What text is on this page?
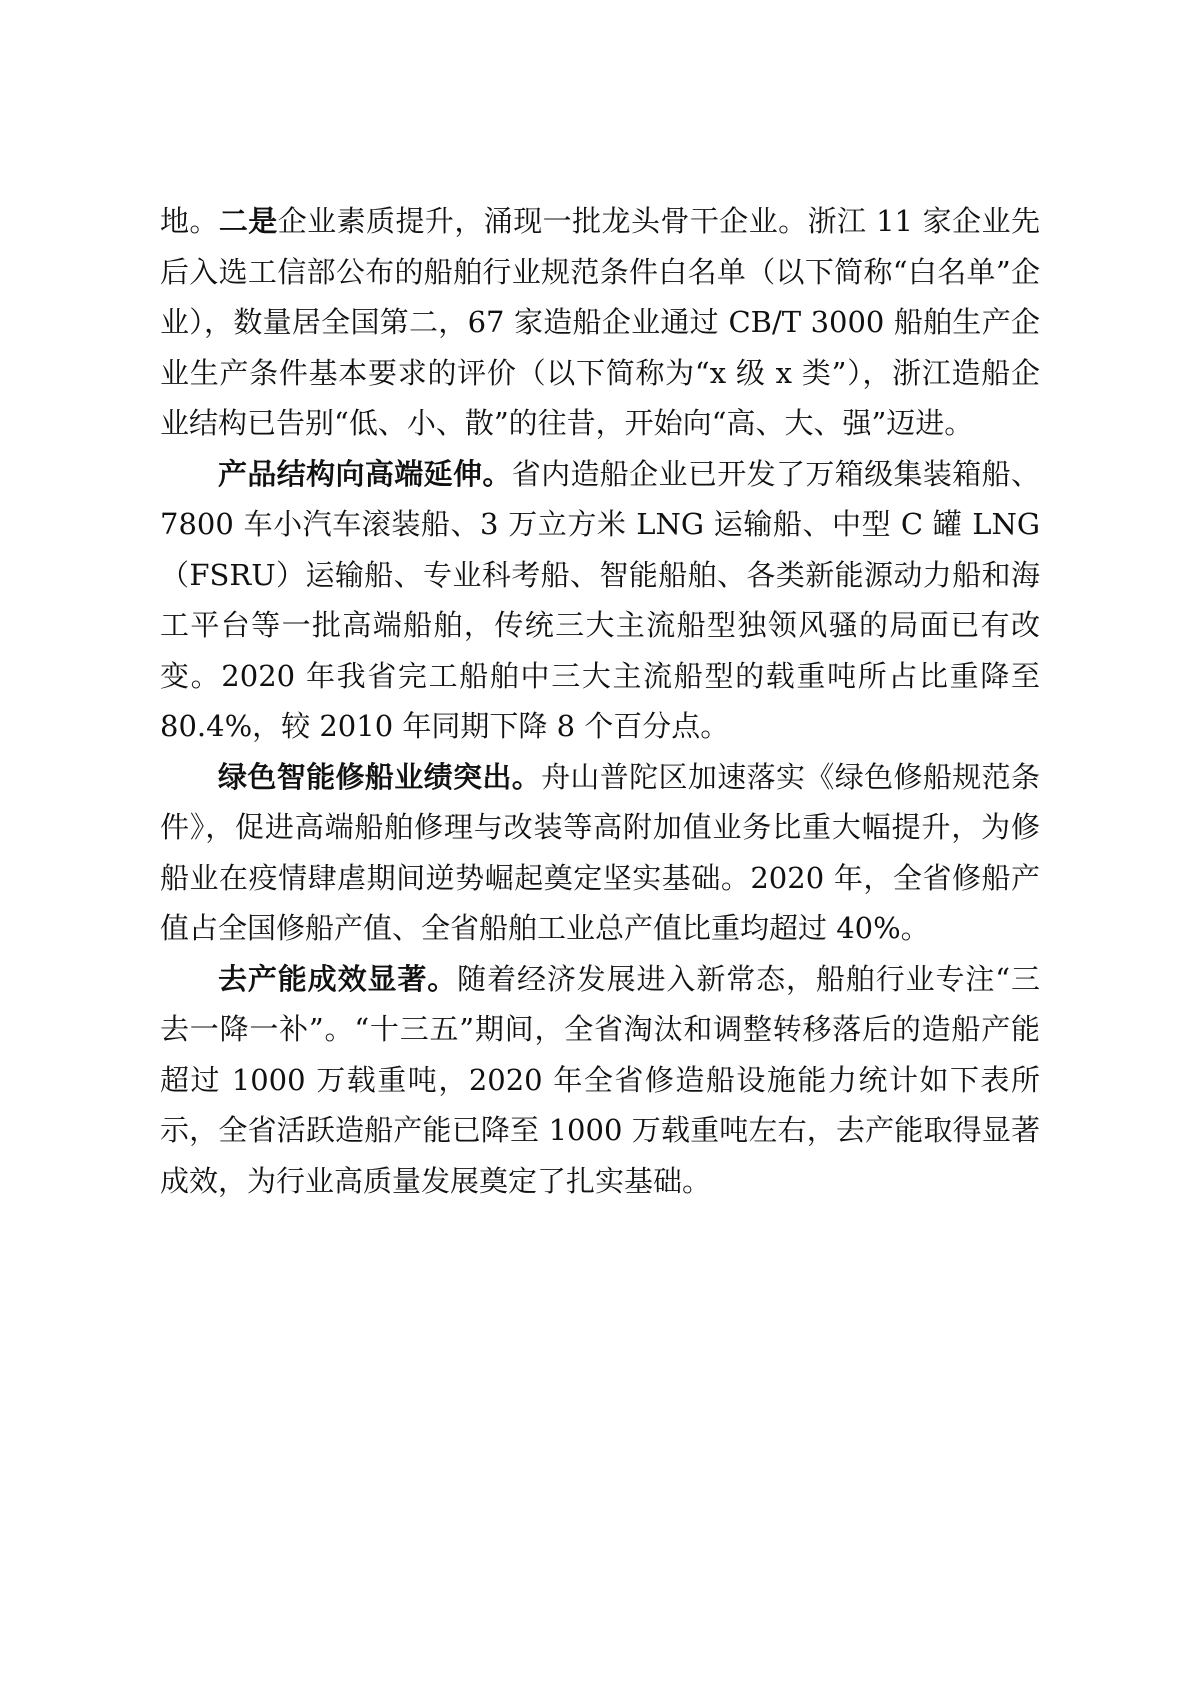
地。二是企业素质提升，涌现一批龙头骨干企业。浙江 11 家企业先后入选工信部公布的船舶行业规范条件白名单（以下简称“白名单”企业），数量居全国第二，67 家造船企业通过 CB/T 3000 船舶生产企业生产条件基本要求的评价（以下简称为“x 级 x 类”），浙江造船企业结构已告别“低、小、散”的往昔，开始向“高、大、强”迈进。

产品结构向高端延伸。省内造船企业已开发了万箱级集装箱船、7800 车小汽车滚装船、3 万立方米 LNG 运输船、中型 C 罐 LNG（FSRU）运输船、专业科考船、智能船舶、各类新能源动力船和海工平台等一批高端船舶，传统三大主流船型独领风骚的局面已有改变。2020 年我省完工船舶中三大主流船型的载重吨所占比重降至 80.4%，较 2010 年同期下降 8 个百分点。

绿色智能修船业绩突出。舟山普陀区加速落实《绿色修船规范条件》，促进高端船舶修理与改装等高附加值业务比重大幅提升，为修船业在疫情肆虐期间逆势崛起奠定坚实基础。2020 年，全省修船产值占全国修船产值、全省船舶工业总产值比重均超过 40%。

去产能成效显著。随着经济发展进入新常态，船舶行业专注“三去一降一补”。“十三五”期间，全省淘汰和调整转移落后的造船产能超过 1000 万载重吨，2020 年全省修造船设施能力统计如下表所示，全省活跃造船产能已降至 1000 万载重吨左右，去产能取得显著成效，为行业高质量发展奠定了扎实基础。
